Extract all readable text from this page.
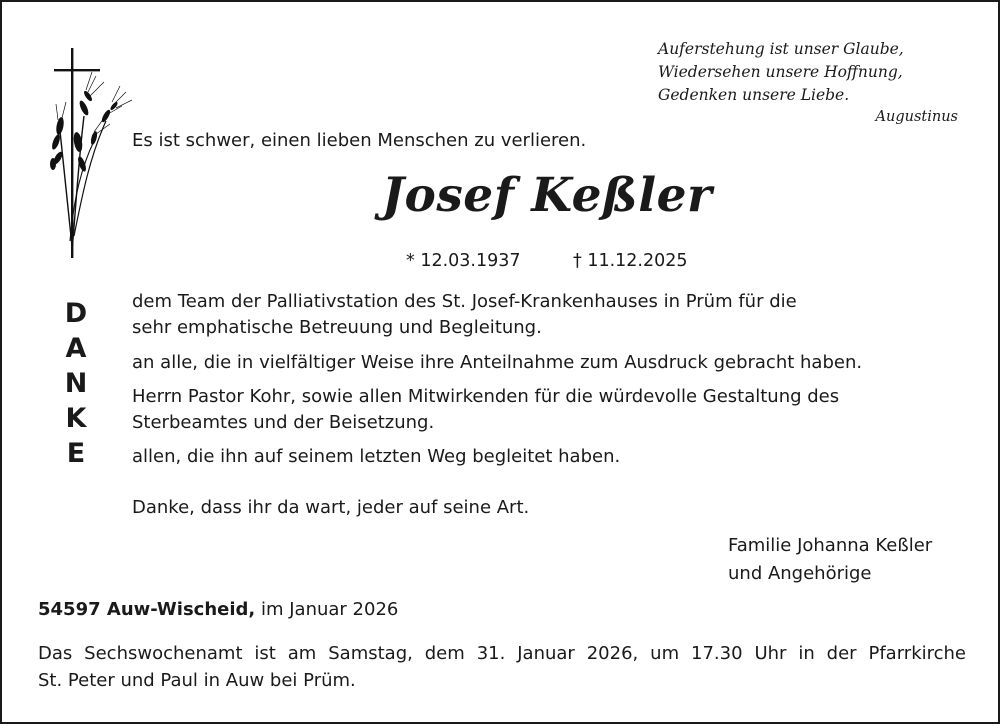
Auferstehung ist unser Glaube,
Wiedersehen unsere Hoffnung,
Gedenken unsere Liebe.
Augustinus
Es ist schwer, einen lieben Menschen zu verlieren.
Josef Keßler
* 12.03.1937	† 11.12.2025
D
A
N
K
E
dem Team der Palliativstation des St. Josef-Krankenhauses in Prüm für die
sehr emphatische Betreuung und Begleitung.
an alle, die in vielfältiger Weise ihre Anteilnahme zum Ausdruck gebracht haben.
Herrn Pastor Kohr, sowie allen Mitwirkenden für die würdevolle Gestaltung des
Sterbeamtes und der Beisetzung.
allen, die ihn auf seinem letzten Weg begleitet haben.
Danke, dass ihr da wart, jeder auf seine Art.
Familie Johanna Keßler
und Angehörige
54597 Auw-Wischeid, im Januar 2026
Das Sechswochenamt ist am Samstag, dem 31. Januar 2026, um 17.30 Uhr in der Pfarrkirche
St. Peter und Paul in Auw bei Prüm.
